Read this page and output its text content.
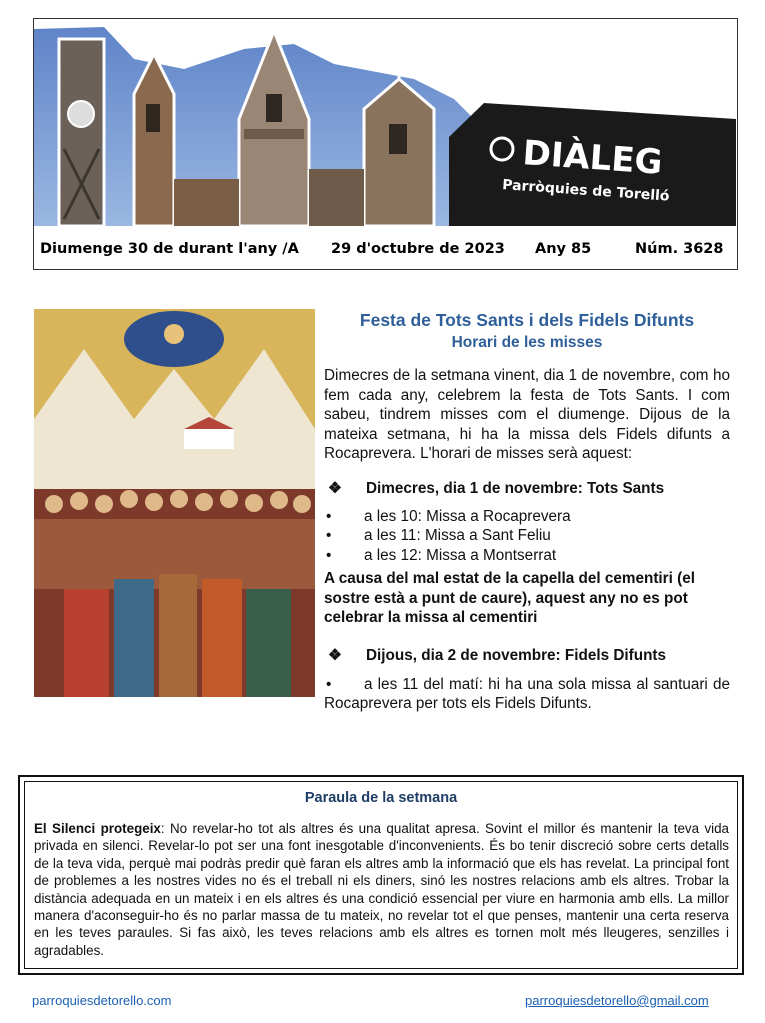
DIÀLEG
Parròquies de Torelló
Diumenge 30 de durant l'any /A 29 d'octubre de 2023 Any 85	Núm. 3628

Festa de Tots Sants i dels Fidels Difunts

Horari de les misses

Dimecres de la setmana vinent, dia 1 de novembre, com ho fem cada any, celebrem la festa de Tots Sants. I com sabeu, tindrem misses com el diumenge. Dijous de la mateixa setmana, hi ha la missa dels Fidels difunts a Rocaprevera. L'horari de misses serà aquest:

❖	Dimecres, dia 1 de novembre: Tots Sants
•	a les 10: Missa a Rocaprevera
•	a les 11: Missa a Sant Feliu
•	a les 12: Missa a Montserrat

A causa del mal estat de la capella del cementiri (el sostre està a punt de caure), aquest any no es pot celebrar la missa al cementiri

❖	Dijous, dia 2 de novembre: Fidels Difunts

• a les 11 del matí: hi ha una sola missa al santuari de Rocaprevera per tots els Fidels Difunts.

Paraula de la setmana

El Silenci protegeix: No revelar-ho tot als altres és una qualitat apresa. Sovint el millor és mantenir la teva vida privada en silenci. Revelar-lo pot ser una font inesgotable d'inconvenients. És bo tenir discreció sobre certs detalls de la teva vida, perquè mai podràs predir què faran els altres amb la informació que els has revelat. La principal font de problemes a les nostres vides no és el treball ni els diners, sinó les nostres relacions amb els altres. Trobar la distància adequada en un mateix i en els altres és una condició essencial per viure en harmonia amb ells. La millor manera d'aconseguir-ho és no parlar massa de tu mateix, no revelar tot el que penses, mantenir una certa reserva en les teves paraules. Si fas això, les teves relacions amb els altres es tornen molt més lleugeres, senzilles i agradables.

parroquiesdetorello.com	parroquiesdetorello@gmail.com
